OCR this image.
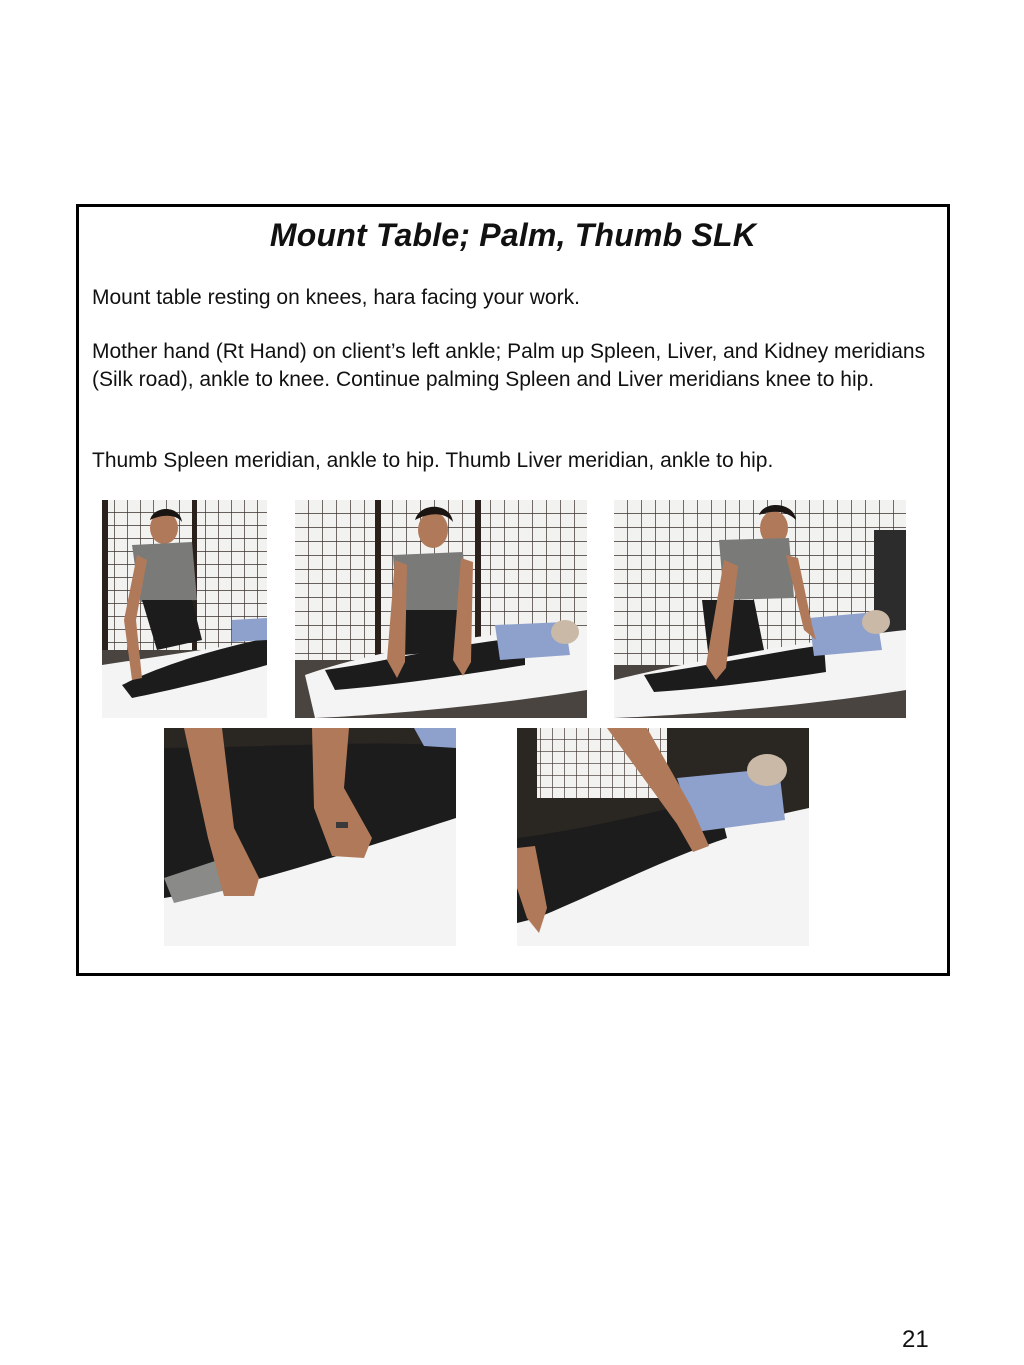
Mount Table; Palm, Thumb SLK

Mount table resting on knees, hara facing your work.

Mother hand (Rt Hand) on client’s left ankle; Palm up Spleen, Liver, and Kidney meridians (Silk road), ankle to knee. Continue palming Spleen and Liver meridians knee to hip.

Thumb Spleen meridian, ankle to hip. Thumb Liver meridian, ankle to hip.

21
